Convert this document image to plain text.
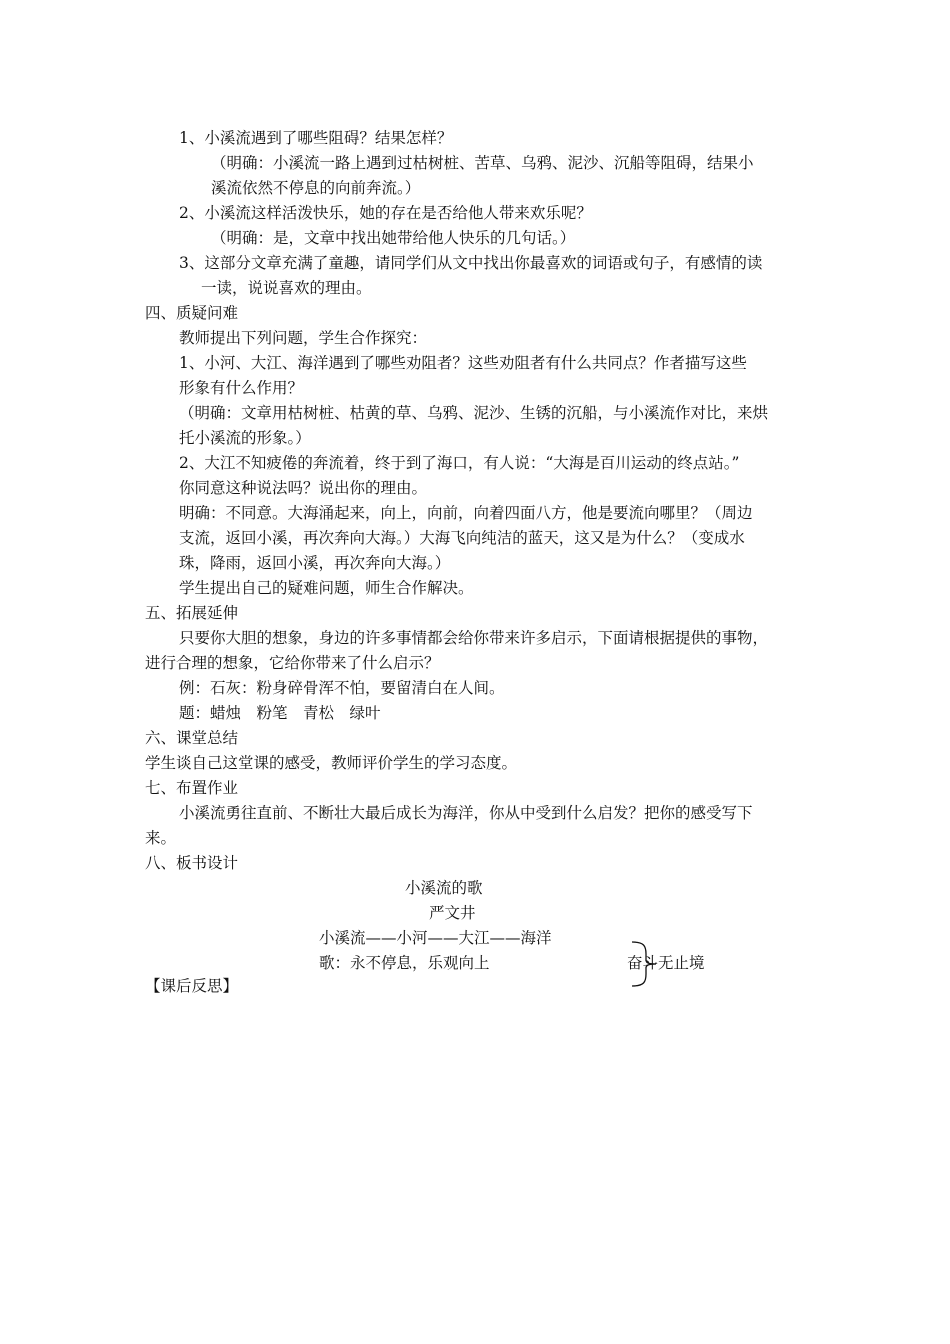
1、小溪流遇到了哪些阻碍？结果怎样？
（明确：小溪流一路上遇到过枯树桩、苦草、乌鸦、泥沙、沉船等阻碍，结果小
溪流依然不停息的向前奔流。）
2、小溪流这样活泼快乐，她的存在是否给他人带来欢乐呢？
（明确：是，文章中找出她带给他人快乐的几句话。）
3、这部分文章充满了童趣，请同学们从文中找出你最喜欢的词语或句子，有感情的读
一读，说说喜欢的理由。
四、质疑问难
教师提出下列问题，学生合作探究：
1、小河、大江、海洋遇到了哪些劝阻者？这些劝阻者有什么共同点？作者描写这些
形象有什么作用？
（明确：文章用枯树桩、枯黄的草、乌鸦、泥沙、生锈的沉船，与小溪流作对比，来烘
托小溪流的形象。）
2、大江不知疲倦的奔流着，终于到了海口，有人说：“大海是百川运动的终点站。”
你同意这种说法吗？说出你的理由。
明确：不同意。大海涌起来，向上，向前，向着四面八方，他是要流向哪里？（周边
支流，返回小溪，再次奔向大海。）大海飞向纯洁的蓝天，这又是为什么？（变成水
珠，降雨，返回小溪，再次奔向大海。）
学生提出自己的疑难问题，师生合作解决。
五、拓展延伸
只要你大胆的想象，身边的许多事情都会给你带来许多启示，下面请根据提供的事物，
进行合理的想象，它给你带来了什么启示？
例：石灰：粉身碎骨浑不怕，要留清白在人间。
题：蜡烛　粉笔　青松　绿叶
六、课堂总结
学生谈自己这堂课的感受，教师评价学生的学习态度。
七、布置作业
小溪流勇往直前、不断壮大最后成长为海洋，你从中受到什么启发？把你的感受写下
来。
八、板书设计
小溪流的歌
严文井
小溪流——小河——大江——海洋
歌：永不停息，乐观向上	奋斗无止境
【课后反思】
